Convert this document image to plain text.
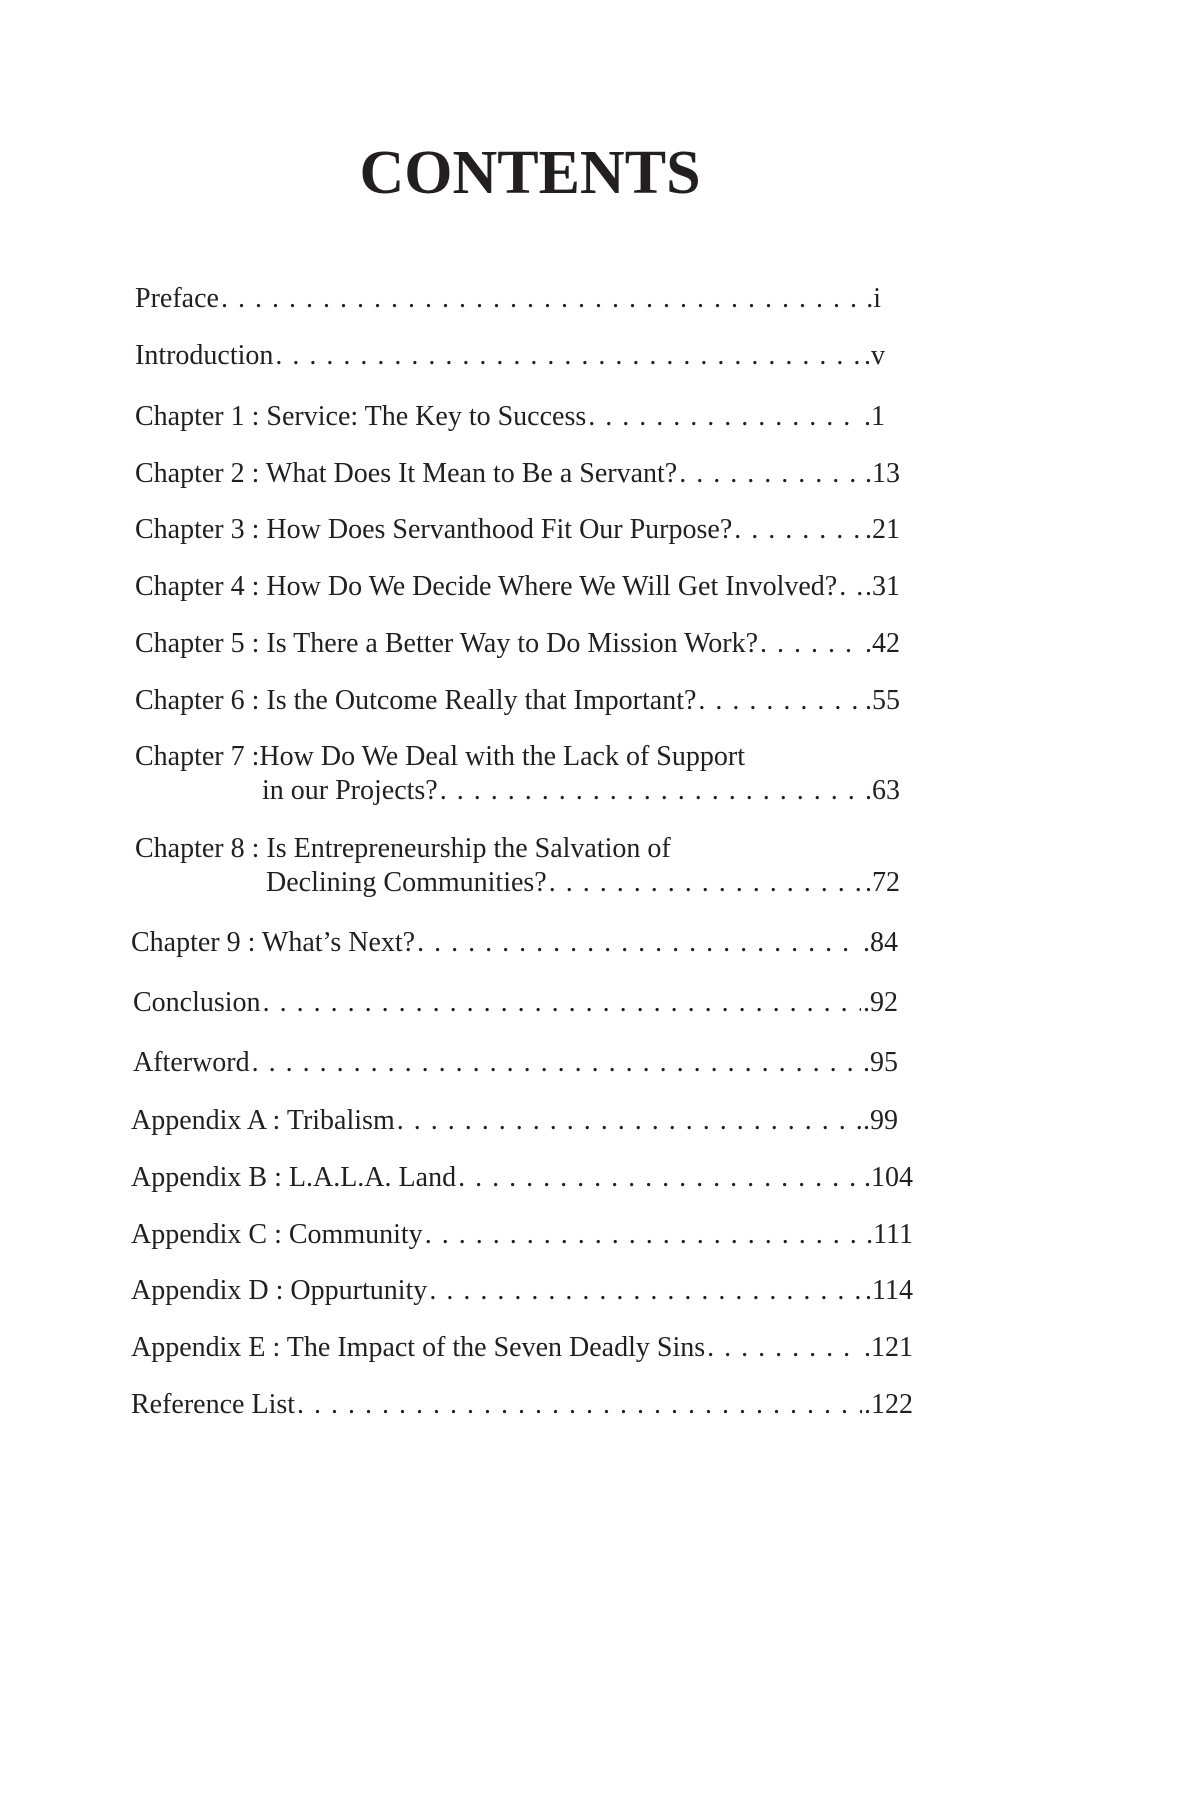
CONTENTS
Preface . . .	. i
Introduction . . .	. v
Chapter 1 : Service: The Key to Success . . .	. 1
Chapter 2 : What Does It Mean to Be a Servant? . . .	. 13
Chapter 3 : How Does Servanthood Fit Our Purpose? . . .	. 21
Chapter 4 : How Do We Decide Where We Will Get Involved? . . . . 31
Chapter 5 : Is There a Better Way to Do Mission Work? . . .	. 42
Chapter 6 : Is the Outcome Really that Important? . . .	. 55
Chapter 7 :How Do We Deal with the Lack of Support
in our Projects? . . .	. 63
Chapter 8 : Is Entrepreneurship the Salvation of
Declining Communities? . . .	. 72
Chapter 9 : What’s Next? . . .	. 84
Conclusion . . .	. 92
Afterword . . .	. 95
Appendix A : Tribalism . . .	. 99
Appendix B : L.A.L.A. Land . . .	. 104
Appendix C : Community . . .	. 111
Appendix D : Oppurtunity . . .	. 114
Appendix E : The Impact of the Seven Deadly Sins . . .	. 121
Reference List . . .	. 122
